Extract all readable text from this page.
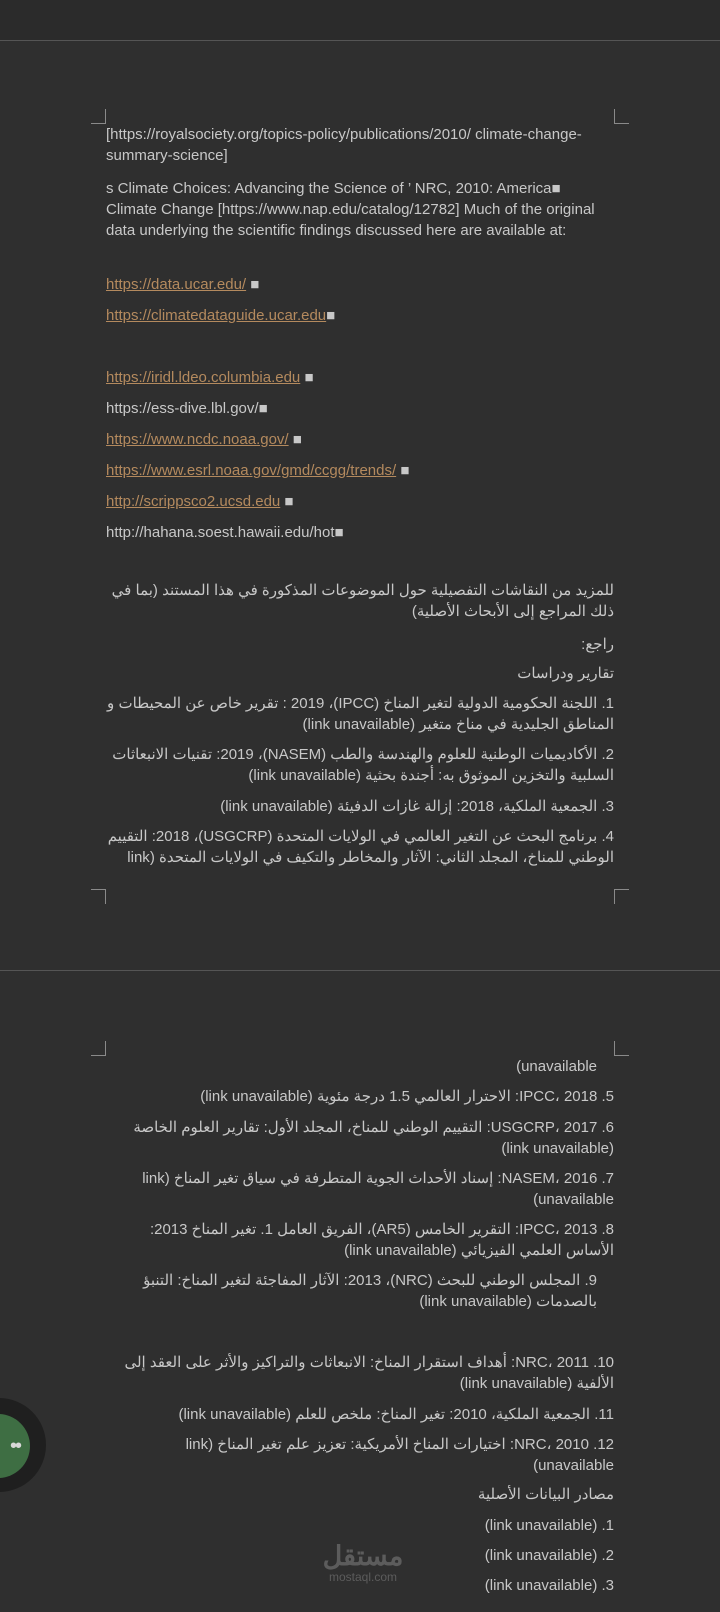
[https://royalsociety.org/topics-policy/publications/2010/ climate-change-summary-science]
s Climate Choices: Advancing the Science of ’ NRC, 2010: America■ Climate Change [https://www.nap.edu/catalog/12782] Much of the original data underlying the scientific findings discussed here are available at:
https://data.ucar.edu/ ■
https://climatedataguide.ucar.edu■
https://iridl.ldeo.columbia.edu ■
https://ess-dive.lbl.gov/■
https://www.ncdc.noaa.gov/ ■
https://www.esrl.noaa.gov/gmd/ccgg/trends/ ■
http://scrippsco2.ucsd.edu ■
http://hahana.soest.hawaii.edu/hot■
للمزيد من النقاشات التفصيلية حول الموضوعات المذكورة في هذا المستند (بما في ذلك المراجع إلى الأبحاث الأصلية)
راجع:
تقارير ودراسات
1. اللجنة الحكومية الدولية لتغير المناخ (IPCC)، 2019 : تقرير خاص عن المحيطات و المناطق الجليدية في مناخ متغير (link unavailable)
2. الأكاديميات الوطنية للعلوم والهندسة والطب (NASEM)، 2019: تقنيات الانبعاثات السلبية والتخزين الموثوق به: أجندة بحثية (link unavailable)
3. الجمعية الملكية، 2018: إزالة غازات الدفيئة (link unavailable)
4. برنامج البحث عن التغير العالمي في الولايات المتحدة (USGCRP)، 2018: التقييم الوطني للمناخ، المجلد الثاني: الآثار والمخاطر والتكيف في الولايات المتحدة (link
unavailable)
5. IPCC، 2018: الاحترار العالمي 1.5 درجة مئوية (link unavailable)
6. USGCRP، 2017: التقييم الوطني للمناخ، المجلد الأول: تقارير العلوم الخاصة (link unavailable)
7. NASEM، 2016: إسناد الأحداث الجوية المتطرفة في سياق تغير المناخ (link unavailable)
8. IPCC، 2013: التقرير الخامس (AR5)، الفريق العامل 1. تغير المناخ 2013: الأساس العلمي الفيزيائي (link unavailable)
9. المجلس الوطني للبحث (NRC)، 2013: الآثار المفاجئة لتغير المناخ: التنبؤ بالصدمات (link unavailable)
10. NRC، 2011: أهداف استقرار المناخ: الانبعاثات والتراكيز والأثر على العقد إلى الألفية (link unavailable)
11. الجمعية الملكية، 2010: تغير المناخ: ملخص للعلم (link unavailable)
12. NRC، 2010: اختيارات المناخ الأمريكية: تعزيز علم تغير المناخ (link unavailable)
مصادر البيانات الأصلية
1. (link unavailable)
2. (link unavailable)
3. (link unavailable)
••
مستقل
mostaql.com
